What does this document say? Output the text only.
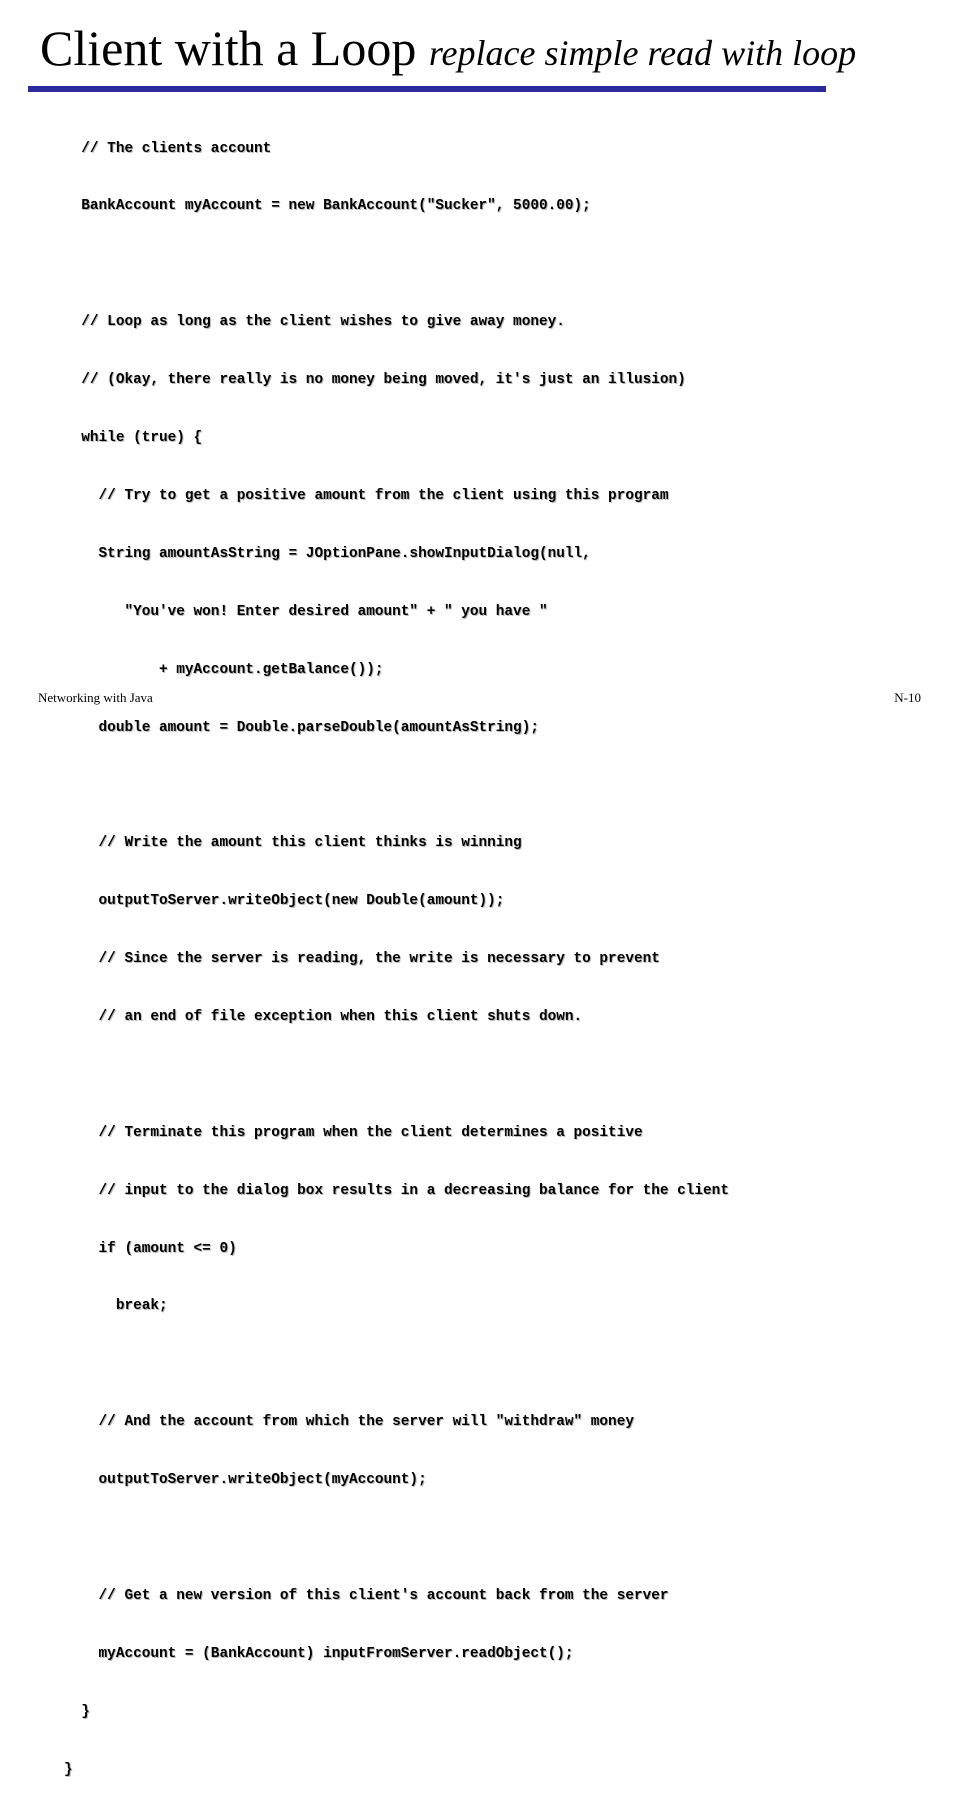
Client with a Loop replace simple read with loop

// The clients account

BankAccount myAccount = new BankAccount("Sucker", 5000.00);

// Loop as long as the client wishes to give away money.

// (Okay, there really is no money being moved, it's just an illusion)

while (true) {

// Try to get a positive amount from the client using this program

String amountAsString = JOptionPane.showInputDialog(null,

"You've won! Enter desired amount" + " you have "

+ myAccount.getBalance());

double amount = Double.parseDouble(amountAsString);

// Write the amount this client thinks is winning

outputToServer.writeObject(new Double(amount));

// Since the server is reading, the write is necessary to prevent

// an end of file exception when this client shuts down.

// Terminate this program when the client determines a positive

// input to the dialog box results in a decreasing balance for the client

if (amount <= 0)

break;

// And the account from which the server will "withdraw" money

outputToServer.writeObject(myAccount);

// Get a new version of this client's account back from the server

myAccount = (BankAccount) inputFromServer.readObject();

}

}

Networking with Java	N-10
